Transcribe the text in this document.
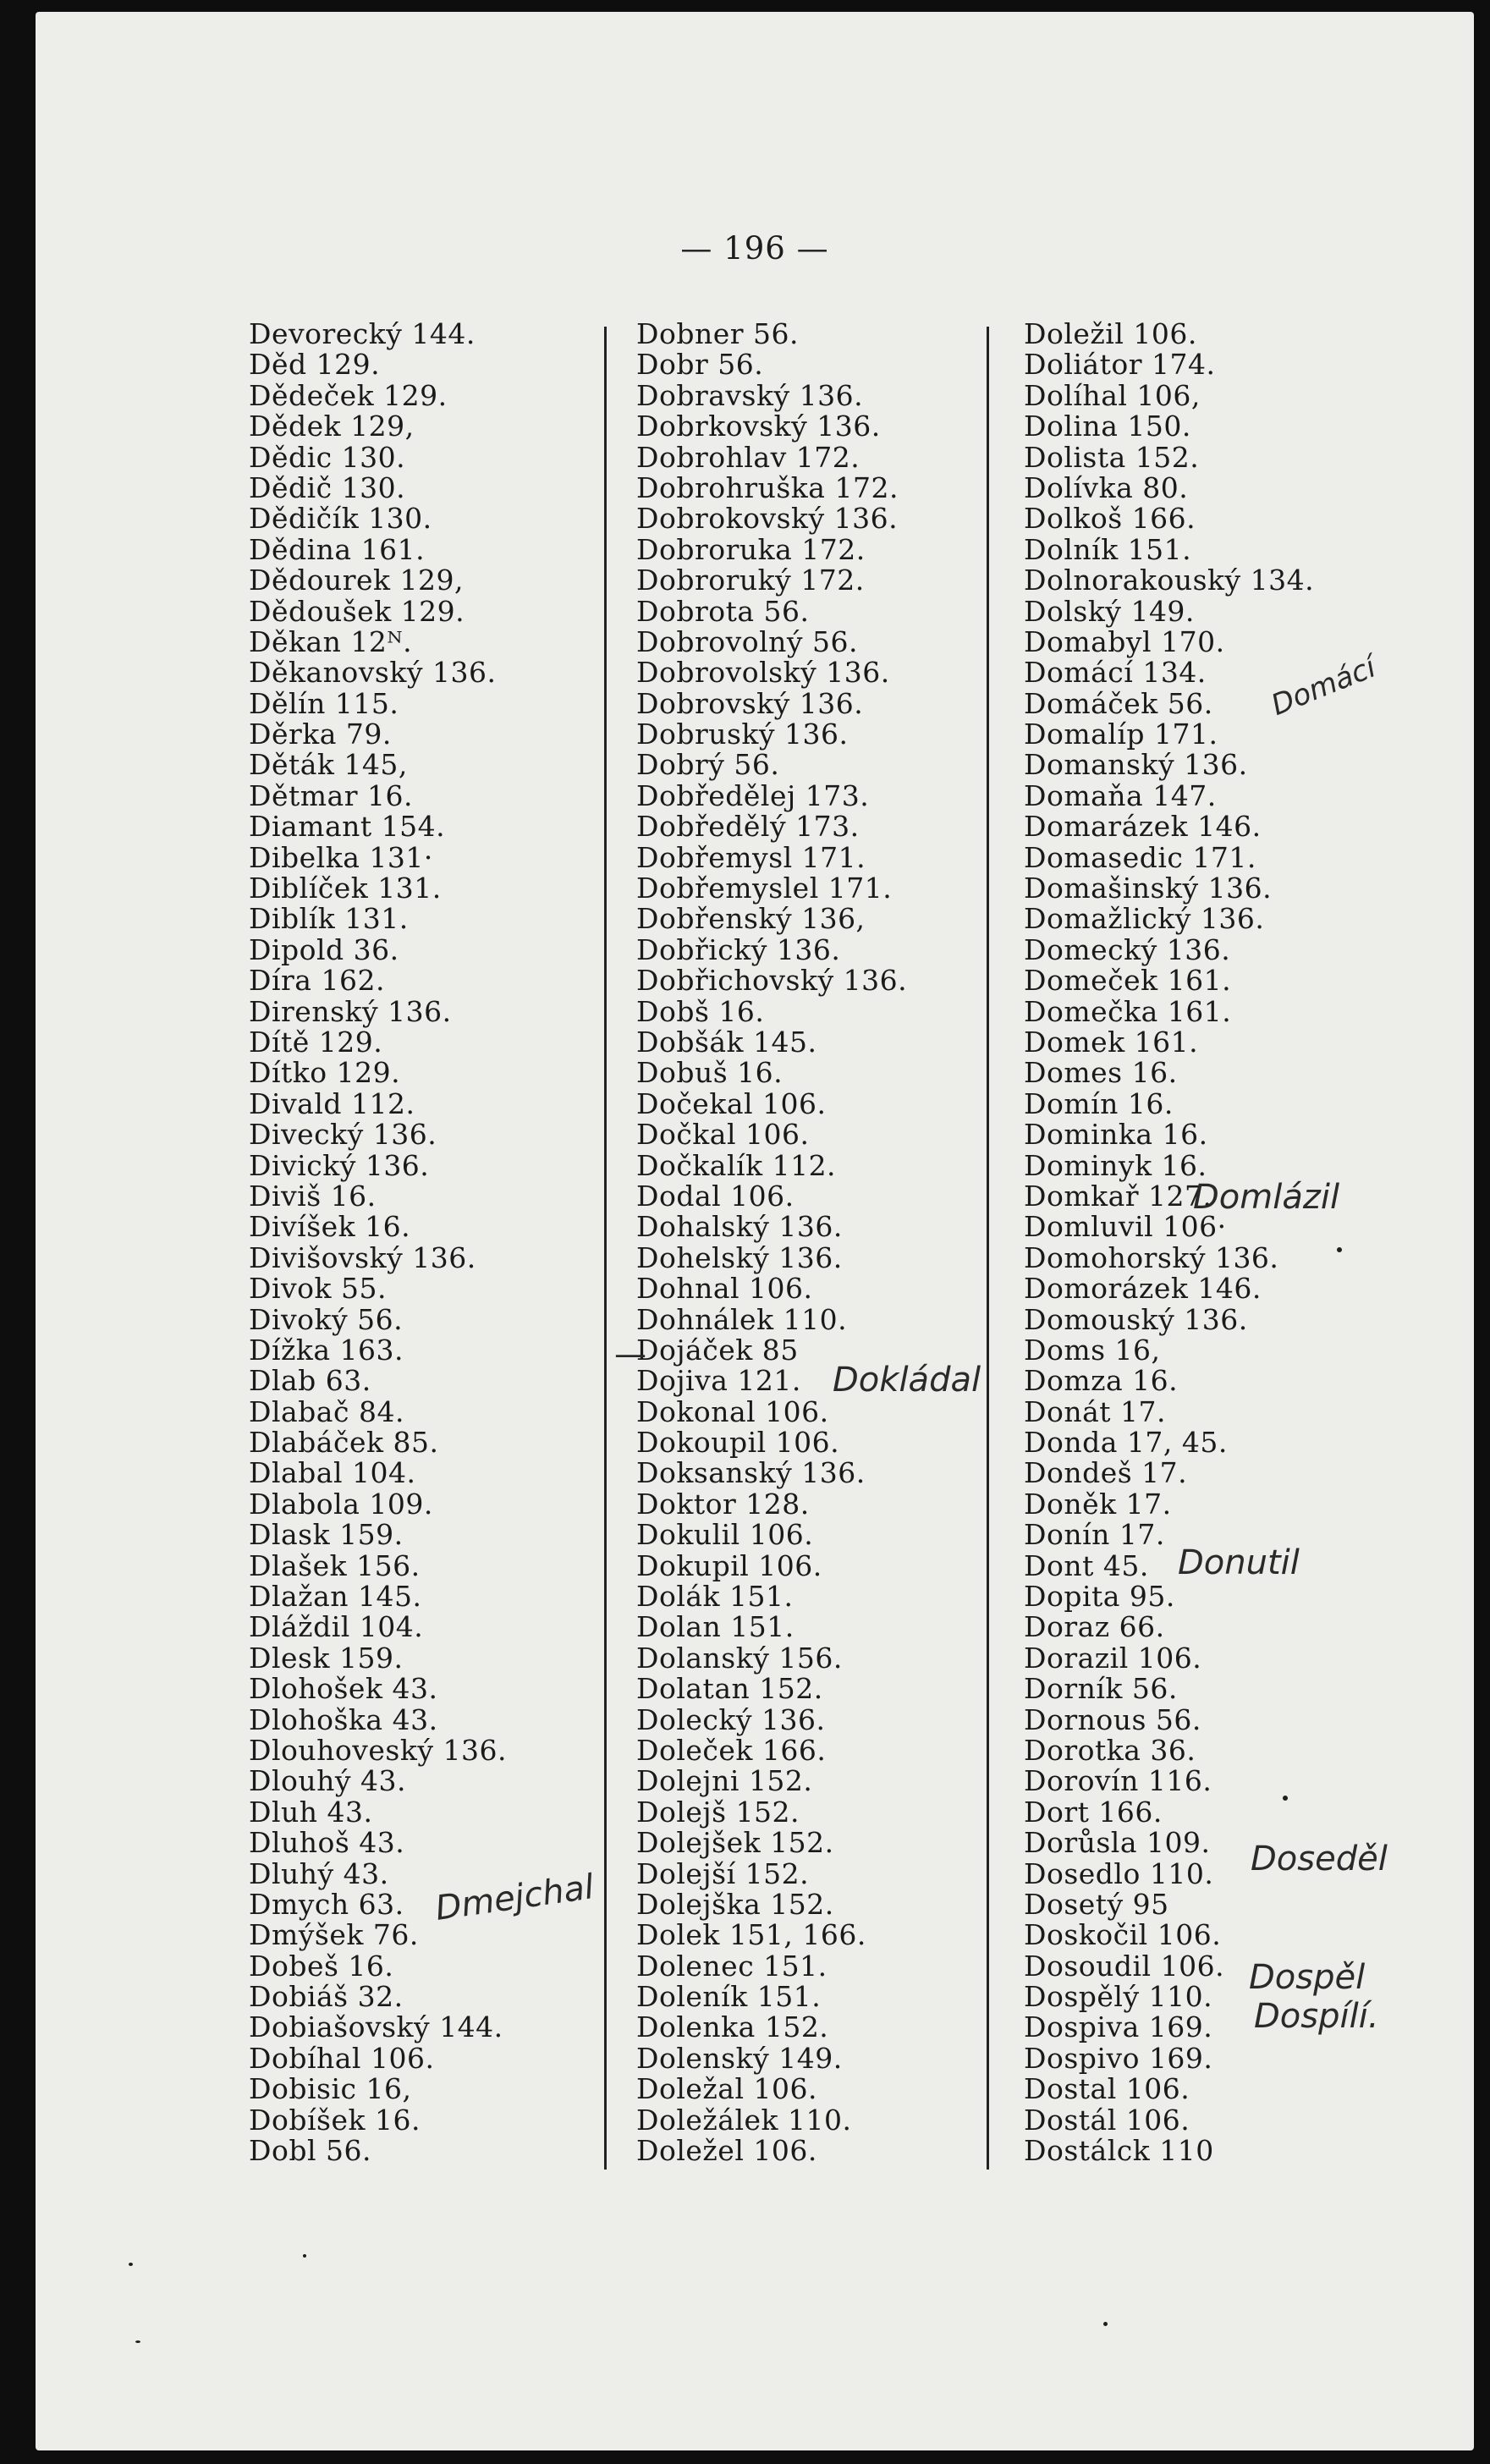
— 196 —
Devorecký 144.
Děd 129.
Dědeček 129.
Dědek 129,
Dědic 130.
Dědič 130.
Dědičík 130.
Dědina 161.
Dědourek 129,
Dědoušek 129.
Děkan 12ᴺ.
Děkanovský 136.
Dělín 115.
Děrka 79.
Děták 145,
Dětmar 16.
Diamant 154.
Dibelka 131·
Diblíček 131.
Diblík 131.
Dipold 36.
Díra 162.
Direnský 136.
Dítě 129.
Dítko 129.
Divald 112.
Divecký 136.
Divický 136.
Diviš 16.
Divíšek 16.
Divišovský 136.
Divok 55.
Divoký 56.
Dížka 163.
Dlab 63.
Dlabač 84.
Dlabáček 85.
Dlabal 104.
Dlabola 109.
Dlask 159.
Dlašek 156.
Dlažan 145.
Dláždil 104.
Dlesk 159.
Dlohošek 43.
Dlohoška 43.
Dlouhoveský 136.
Dlouhý 43.
Dluh 43.
Dluhoš 43.
Dluhý 43.
Dmych 63.
Dmýšek 76.
Dobeš 16.
Dobiáš 32.
Dobiašovský 144.
Dobíhal 106.
Dobisic 16,
Dobíšek 16.
Dobl 56.
Dobner 56.
Dobr 56.
Dobravský 136.
Dobrkovský 136.
Dobrohlav 172.
Dobrohruška 172.
Dobrokovský 136.
Dobroruka 172.
Dobroruký 172.
Dobrota 56.
Dobrovolný 56.
Dobrovolský 136.
Dobrovský 136.
Dobruský 136.
Dobrý 56.
Dobředělej 173.
Dobředělý 173.
Dobřemysl 171.
Dobřemyslel 171.
Dobřenský 136,
Dobřický 136.
Dobřichovský 136.
Dobš 16.
Dobšák 145.
Dobuš 16.
Dočekal 106.
Dočkal 106.
Dočkalík 112.
Dodal 106.
Dohalský 136.
Dohelský 136.
Dohnal 106.
Dohnálek 110.
Dojáček 85
Dojiva 121.
Dokonal 106.
Dokoupil 106.
Doksanský 136.
Doktor 128.
Dokulil 106.
Dokupil 106.
Dolák 151.
Dolan 151.
Dolanský 156.
Dolatan 152.
Dolecký 136.
Doleček 166.
Dolejni 152.
Dolejš 152.
Dolejšek 152.
Dolejší 152.
Dolejška 152.
Dolek 151, 166.
Dolenec 151.
Doleník 151.
Dolenka 152.
Dolenský 149.
Doležal 106.
Doležálek 110.
Doležel 106.
Doležil 106.
Doliátor 174.
Dolíhal 106,
Dolina 150.
Dolista 152.
Dolívka 80.
Dolkoš 166.
Dolník 151.
Dolnorakouský 134.
Dolský 149.
Domabyl 170.
Domácí 134.
Domáček 56.
Domalíp 171.
Domanský 136.
Domaňa 147.
Domarázek 146.
Domasedic 171.
Domašinský 136.
Domažlický 136.
Domecký 136.
Domeček 161.
Domečka 161.
Domek 161.
Domes 16.
Domín 16.
Dominka 16.
Dominyk 16.
Domkař 127.
Domluvil 106·
Domohorský 136.
Domorázek 146.
Domouský 136.
Doms 16,
Domza 16.
Donát 17.
Donda 17, 45.
Dondeš 17.
Doněk 17.
Donín 17.
Dont 45.
Dopita 95.
Doraz 66.
Dorazil 106.
Dorník 56.
Dornous 56.
Dorotka 36.
Dorovín 116.
Dort 166.
Dorůsla 109.
Dosedlo 110.
Dosetý 95
Doskočil 106.
Dosoudil 106.
Dospělý 110.
Dospiva 169.
Dospivo 169.
Dostal 106.
Dostál 106.
Dostálck 110
—
Domácí
Domlázil
Dokládal
Donutil
Doseděl
Dospěl
Dospílí.
Dmejchal
